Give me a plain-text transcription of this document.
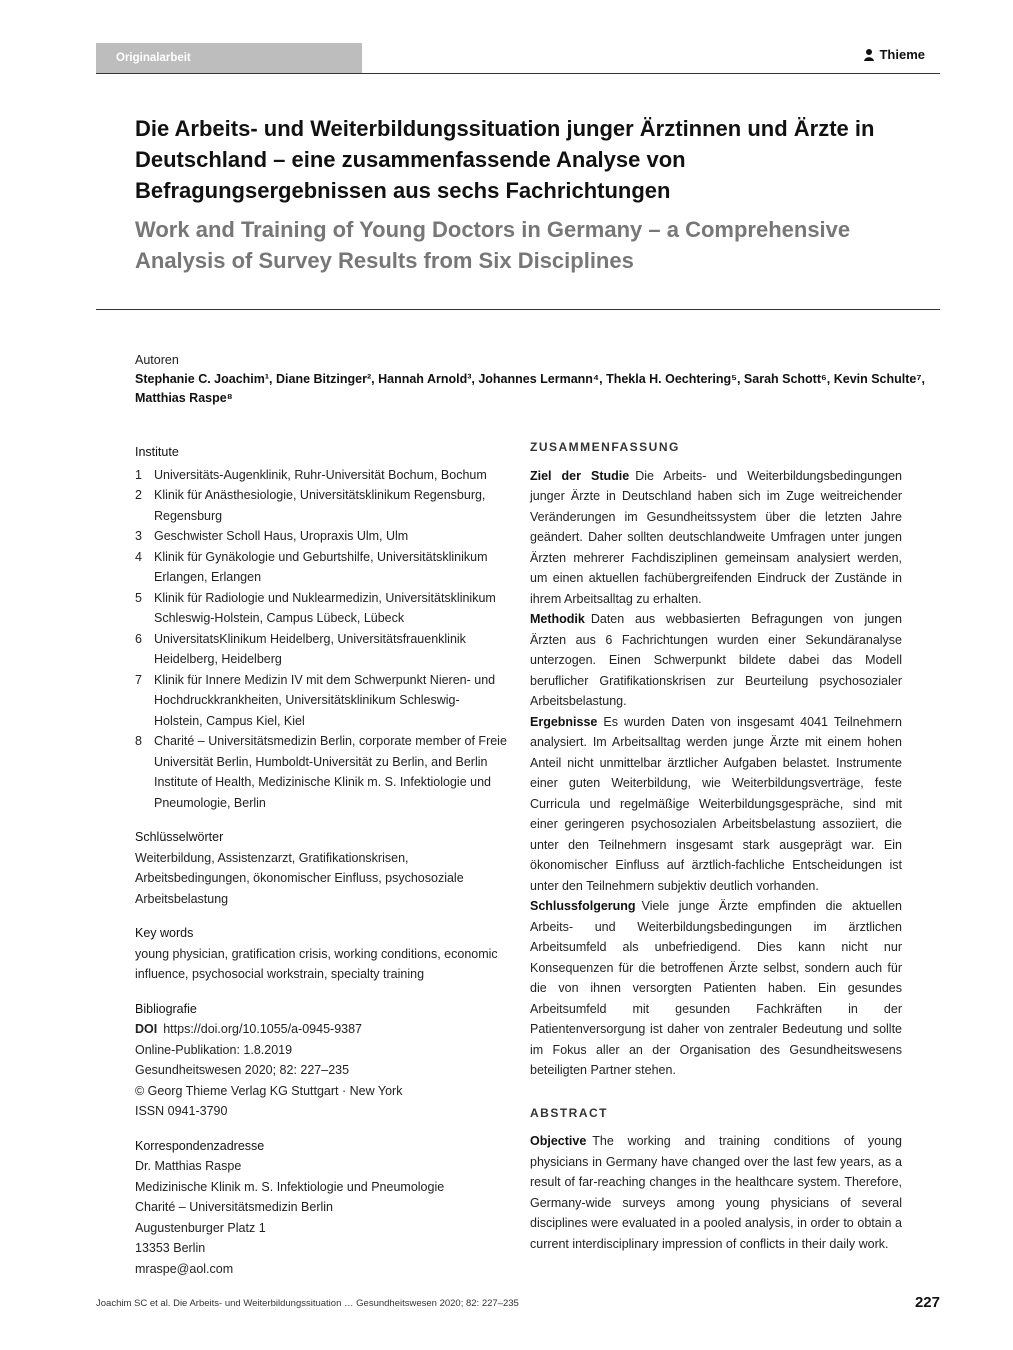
Originalarbeit	Thieme
Die Arbeits- und Weiterbildungssituation junger Ärztinnen und Ärzte in Deutschland – eine zusammenfassende Analyse von Befragungsergebnissen aus sechs Fachrichtungen
Work and Training of Young Doctors in Germany – a Comprehensive Analysis of Survey Results from Six Disciplines
Autoren
Stephanie C. Joachim¹, Diane Bitzinger², Hannah Arnold³, Johannes Lermann⁴, Thekla H. Oechtering⁵, Sarah Schott⁶, Kevin Schulte⁷, Matthias Raspe⁸
Institute
1 Universitäts-Augenklinik, Ruhr-Universität Bochum, Bochum
2 Klinik für Anästhesiologie, Universitätsklinikum Regensburg, Regensburg
3 Geschwister Scholl Haus, Uropraxis Ulm, Ulm
4 Klinik für Gynäkologie und Geburtshilfe, Universitätsklinikum Erlangen, Erlangen
5 Klinik für Radiologie und Nuklearmedizin, Universitätsklinikum Schleswig-Holstein, Campus Lübeck, Lübeck
6 UniversitatsKlinikum Heidelberg, Universitätsfrauenklinik Heidelberg, Heidelberg
7 Klinik für Innere Medizin IV mit dem Schwerpunkt Nieren- und Hochdruckkrankheiten, Universitätsklinikum Schleswig-Holstein, Campus Kiel, Kiel
8 Charité – Universitätsmedizin Berlin, corporate member of Freie Universität Berlin, Humboldt-Universität zu Berlin, and Berlin Institute of Health, Medizinische Klinik m. S. Infektiologie und Pneumologie, Berlin
Schlüsselwörter
Weiterbildung, Assistenzarzt, Gratifikationskrisen, Arbeitsbedingungen, ökonomischer Einfluss, psychosoziale Arbeitsbelastung
Key words
young physician, gratification crisis, working conditions, economic influence, psychosocial workstrain, specialty training
Bibliografie
DOI https://doi.org/10.1055/a-0945-9387
Online-Publikation: 1.8.2019
Gesundheitswesen 2020; 82: 227–235
© Georg Thieme Verlag KG Stuttgart · New York
ISSN 0941-3790
Korrespondenzadresse
Dr. Matthias Raspe
Medizinische Klinik m. S. Infektiologie und Pneumologie
Charité – Universitätsmedizin Berlin
Augustenburger Platz 1
13353 Berlin
mraspe@aol.com
ZUSAMMENFASSUNG

Ziel der Studie Die Arbeits- und Weiterbildungsbedingungen junger Ärzte in Deutschland haben sich im Zuge weitreichender Veränderungen im Gesundheitssystem über die letzten Jahre geändert. Daher sollten deutschlandweite Umfragen unter jungen Ärzten mehrerer Fachdisziplinen gemeinsam analysiert werden, um einen aktuellen fachübergreifenden Eindruck der Zustände in ihrem Arbeitsalltag zu erhalten.

Methodik Daten aus webbasierten Befragungen von jungen Ärzten aus 6 Fachrichtungen wurden einer Sekundäranalyse unterzogen. Einen Schwerpunkt bildete dabei das Modell beruflicher Gratifikationskrisen zur Beurteilung psychosozialer Arbeitsbelastung.

Ergebnisse Es wurden Daten von insgesamt 4041 Teilnehmern analysiert. Im Arbeitsalltag werden junge Ärzte mit einem hohen Anteil nicht unmittelbar ärztlicher Aufgaben belastet. Instrumente einer guten Weiterbildung, wie Weiterbildungsverträge, feste Curricula und regelmäßige Weiterbildungsgespräche, sind mit einer geringeren psychosozialen Arbeitsbelastung assoziiert, die unter den Teilnehmern insgesamt stark ausgeprägt war. Ein ökonomischer Einfluss auf ärztlich-fachliche Entscheidungen ist unter den Teilnehmern subjektiv deutlich vorhanden.

Schlussfolgerung Viele junge Ärzte empfinden die aktuellen Arbeits- und Weiterbildungsbedingungen im ärztlichen Arbeitsumfeld als unbefriedigend. Dies kann nicht nur Konsequenzen für die betroffenen Ärzte selbst, sondern auch für die von ihnen versorgten Patienten haben. Ein gesundes Arbeitsumfeld mit gesunden Fachkräften in der Patientenversorgung ist daher von zentraler Bedeutung und sollte im Fokus aller an der Organisation des Gesundheitswesens beteiligten Partner stehen.

ABSTRACT

Objective The working and training conditions of young physicians in Germany have changed over the last few years, as a result of far-reaching changes in the healthcare system. Therefore, Germany-wide surveys among young physicians of several disciplines were evaluated in a pooled analysis, in order to obtain a current interdisciplinary impression of conflicts in their daily work.

Joachim SC et al. Die Arbeits- und Weiterbildungssituation … Gesundheitswesen 2020; 82: 227–235	227
